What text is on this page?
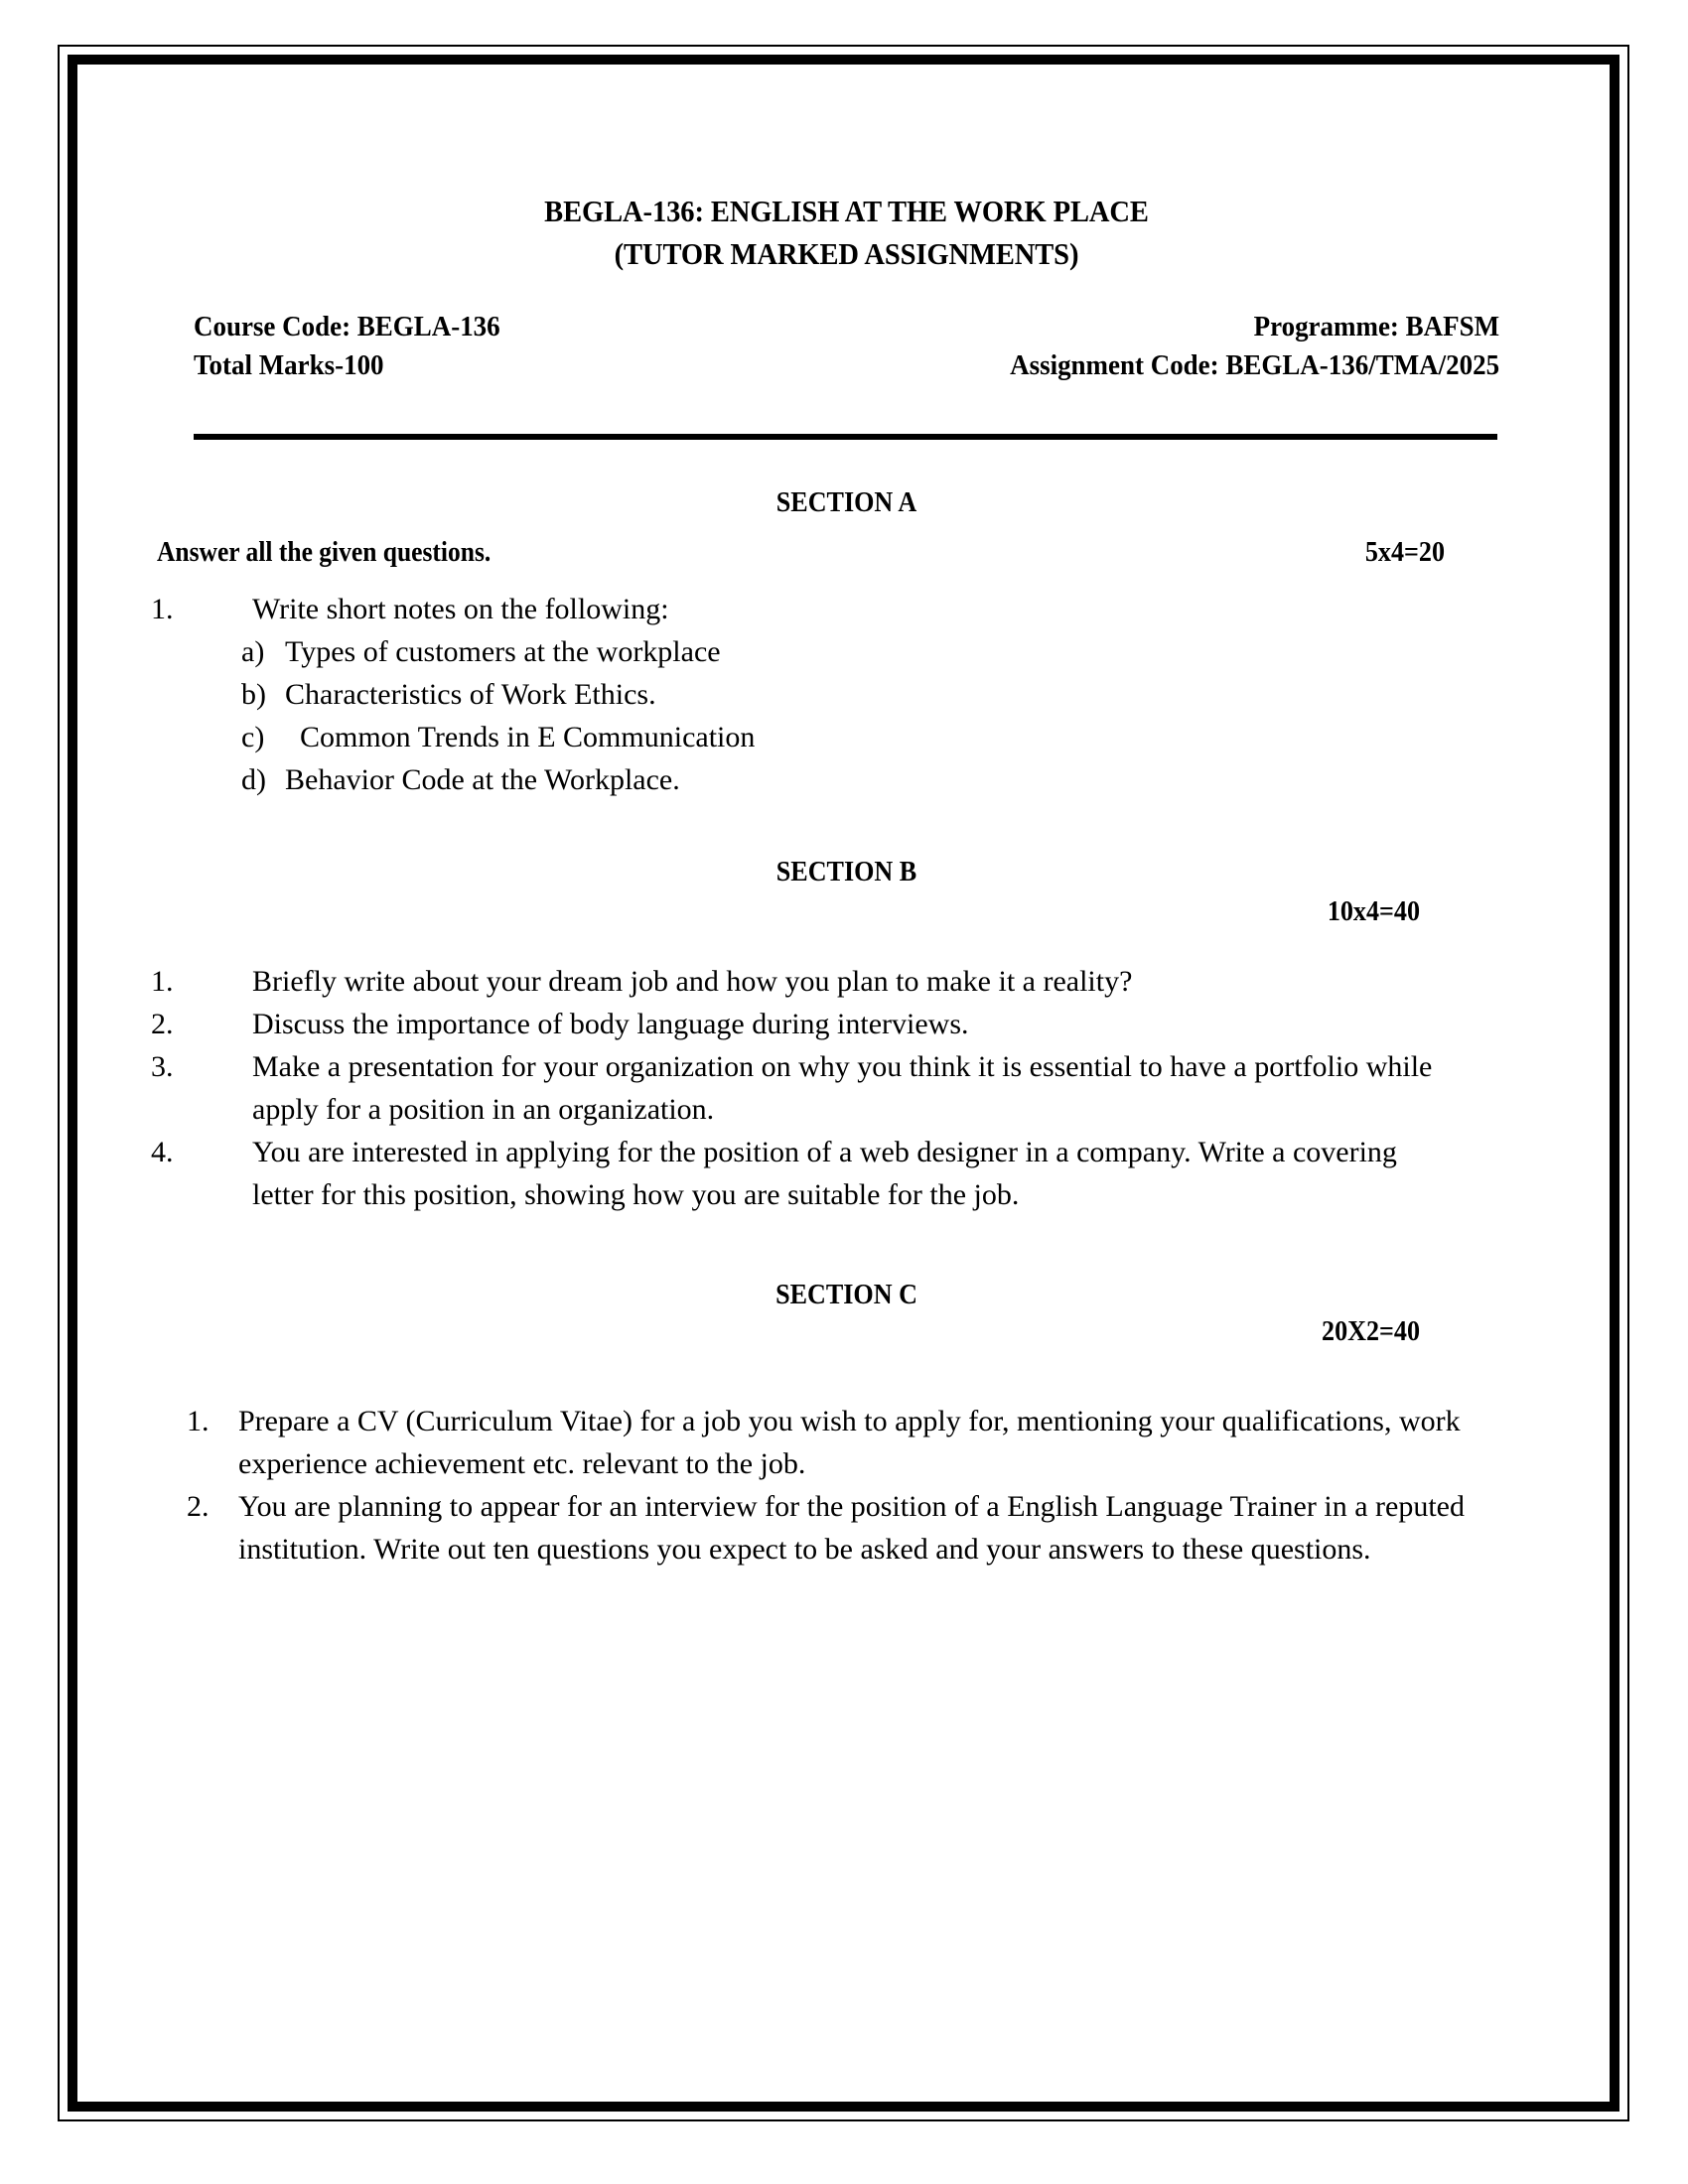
BEGLA-136: ENGLISH AT THE WORK PLACE
(TUTOR MARKED ASSIGNMENTS)
Course Code: BEGLA-136	Programme: BAFSM
Total Marks-100	Assignment Code: BEGLA-136/TMA/2025
SECTION A
Answer all the given questions.	5x4=20
1.	Write short notes on the following:
a) Types of customers at the workplace
b) Characteristics of Work Ethics.
c) Common Trends in E Communication
d) Behavior Code at the Workplace.
SECTION B
10x4=40
1.	Briefly write about your dream job and how you plan to make it a reality?
2.	Discuss the importance of body language during interviews.
3.	Make a presentation for your organization on why you think it is essential to have a portfolio while apply for a position in an organization.
4.	You are interested in applying for the position of a web designer in a company. Write a covering letter for this position, showing how you are suitable for the job.
SECTION C
20X2=40
1. Prepare a CV (Curriculum Vitae) for a job you wish to apply for, mentioning your qualifications, work experience achievement etc. relevant to the job.
2. You are planning to appear for an interview for the position of a English Language Trainer in a reputed institution. Write out ten questions you expect to be asked and your answers to these questions.
